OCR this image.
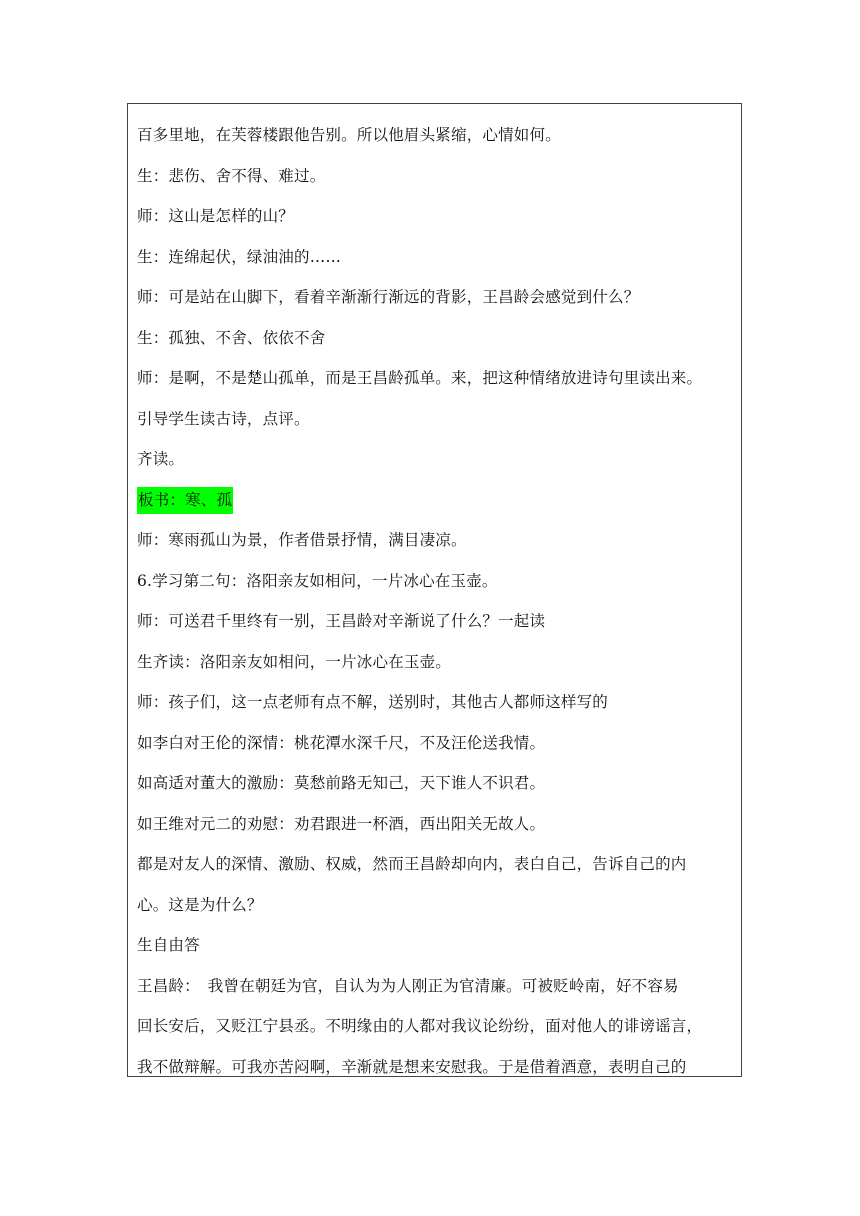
百多里地，在芙蓉楼跟他告别。所以他眉头紧缩，心情如何。
生：悲伤、舍不得、难过。
师：这山是怎样的山？
生：连绵起伏，绿油油的……
师：可是站在山脚下，看着辛渐渐行渐远的背影，王昌龄会感觉到什么？
生：孤独、不舍、依依不舍
师：是啊，不是楚山孤单，而是王昌龄孤单。来，把这种情绪放进诗句里读出来。
引导学生读古诗，点评。
齐读。
板书：寒、孤
师：寒雨孤山为景，作者借景抒情，满目凄凉。
6.学习第二句：洛阳亲友如相问，一片冰心在玉壶。
师：可送君千里终有一别，王昌龄对辛渐说了什么？一起读
生齐读：洛阳亲友如相问，一片冰心在玉壶。
师：孩子们，这一点老师有点不解，送别时，其他古人都师这样写的
如李白对王伦的深情：桃花潭水深千尺，不及汪伦送我情。
如高适对董大的激励：莫愁前路无知己，天下谁人不识君。
如王维对元二的劝慰：劝君跟进一杯酒，西出阳关无故人。
都是对友人的深情、激励、权威，然而王昌龄却向内，表白自己，告诉自己的内
心。这是为什么？
生自由答
王昌龄：　我曾在朝廷为官，自认为为人刚正为官清廉。可被贬岭南，好不容易
回长安后，又贬江宁县丞。不明缘由的人都对我议论纷纷，面对他人的诽谤谣言，
我不做辩解。可我亦苦闷啊，辛渐就是想来安慰我。于是借着酒意，表明自己的
